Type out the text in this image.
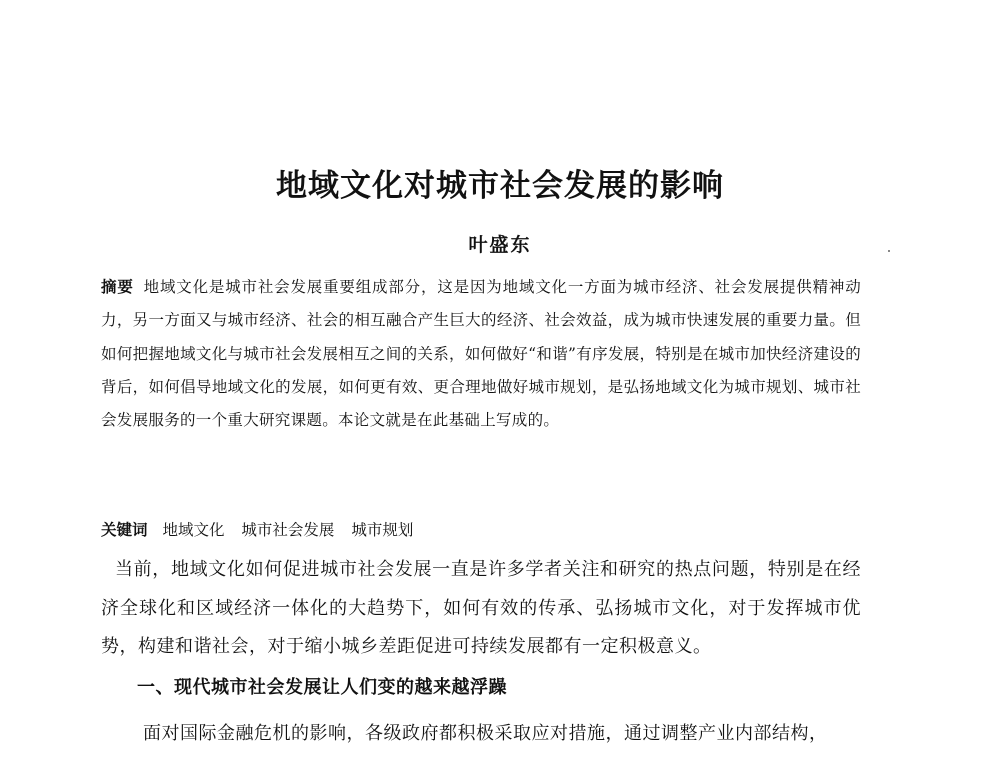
地域文化对城市社会发展的影响
叶盛东
摘要 地域文化是城市社会发展重要组成部分，这是因为地域文化一方面为城市经济、社会发展提供精神动力，另一方面又与城市经济、社会的相互融合产生巨大的经济、社会效益，成为城市快速发展的重要力量。但如何把握地域文化与城市社会发展相互之间的关系，如何做好“和谐”有序发展，特别是在城市加快经济建设的背后，如何倡导地域文化的发展，如何更有效、更合理地做好城市规划，是弘扬地域文化为城市规划、城市社会发展服务的一个重大研究课题。本论文就是在此基础上写成的。
关键词 地域文化 城市社会发展 城市规划
当前，地域文化如何促进城市社会发展一直是许多学者关注和研究的热点问题，特别是在经济全球化和区域经济一体化的大趋势下，如何有效的传承、弘扬城市文化，对于发挥城市优势，构建和谐社会，对于缩小城乡差距促进可持续发展都有一定积极意义。
一、现代城市社会发展让人们变的越来越浮躁
面对国际金融危机的影响，各级政府都积极采取应对措施，通过调整产业内部结构，
